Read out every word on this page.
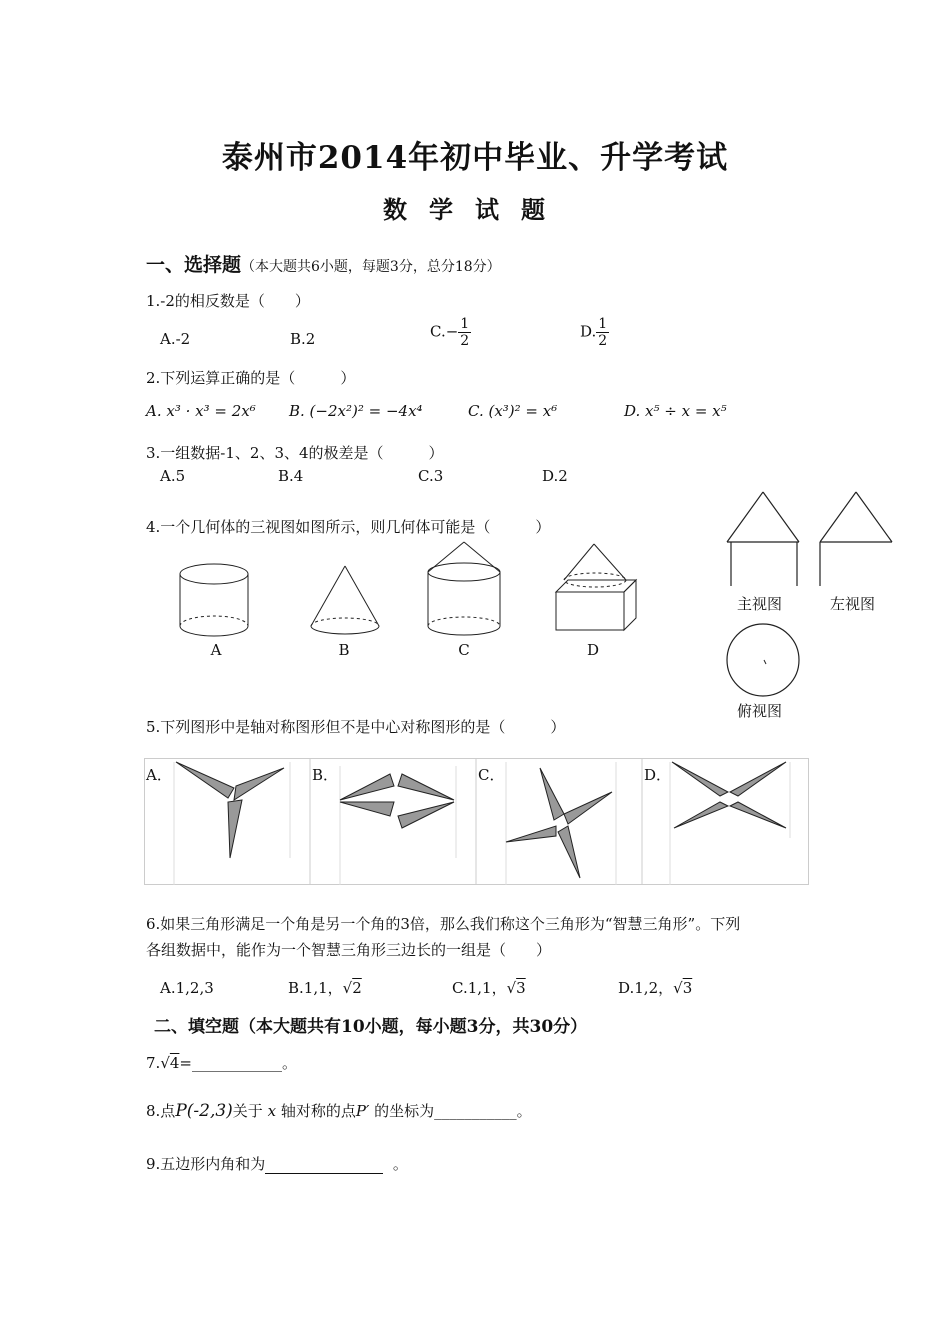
泰州市2014年初中毕业、升学考试
数学试题
一、选择题（本大题共6小题，每题3分，总分18分）
1.-2的相反数是（　　）
A.-2	B.2	$C.- \frac{1}{2}$	D. $\frac{1}{2}$
2.下列运算正确的是（　　　）
A. x³ · x³ = 2x⁶ B. (−2x²)² = −4x⁴	C. (x³)² = x⁶	D. x⁵ ÷ x = x⁵
3.一组数据-1、2、3、4的极差是（　　　）
A.5	B.4	C.3	D.2
4.一个几何体的三视图如图所示，则几何体可能是（　　　）
A	B	C	D
主视图	左视图
俯视图
5.下列图形中是轴对称图形但不是中心对称图形的是（　　　）
A．	B．	C．	D．
6.如果三角形满足一个角是另一个角的3倍，那么我们称这个三角形为“智慧三角形”。下列
各组数据中，能作为一个智慧三角形三边长的一组是（　　）
A.1,2,3	B.1,1，√2	C.1,1，√3	D.1,2，√3
二、填空题（本大题共有10小题，每小题3分，共30分）
7.√4=____________。
8.点P(-2,3)关于 x 轴对称的点P′ 的坐标为___________。
9.五边形内角和为	。
